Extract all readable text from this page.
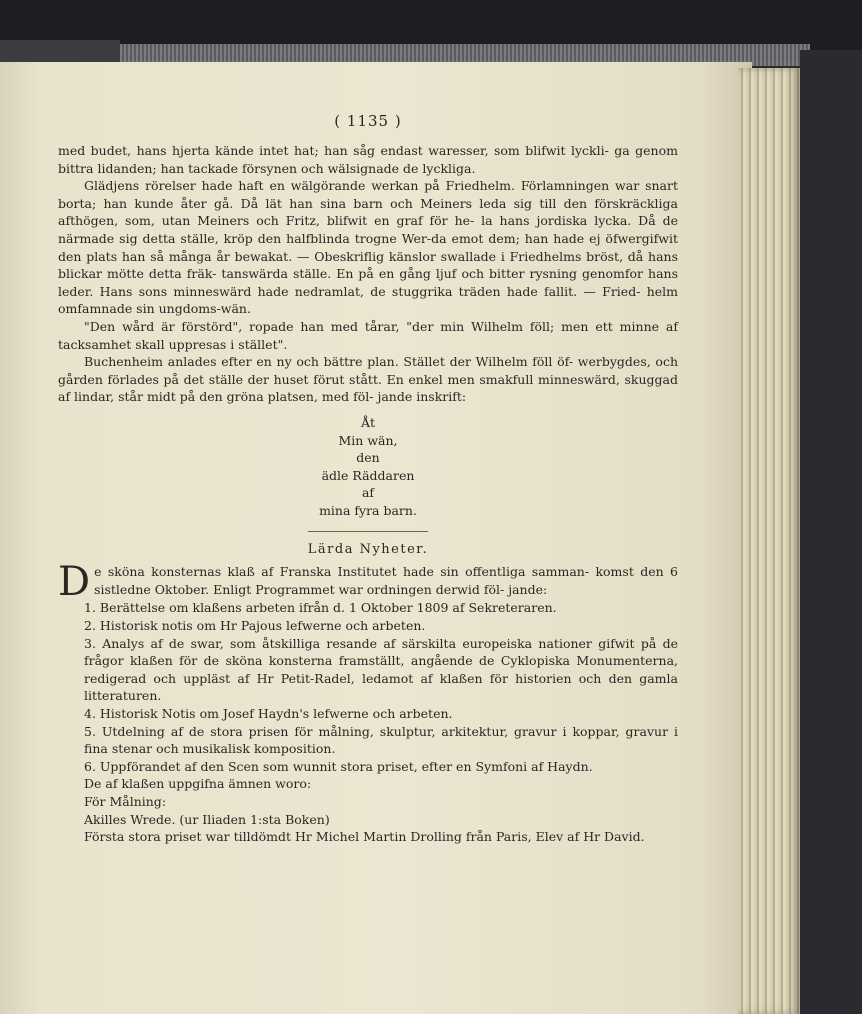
( 1135 )

med budet, hans hjerta kände intet hat; han såg endast waresser, som blifwit lyckli- ga genom bittra lidanden; han tackade försynen och wälsignade de lyckliga.

Glädjens rörelser hade haft en wälgörande werkan på Friedhelm. Förlamningen war snart borta; han kunde åter gå. Då lät han sina barn och Meiners leda sig till den förskräckliga afthögen, som, utan Meiners och Fritz, blifwit en graf för he- la hans jordiska lycka. Då de närmade sig detta ställe, kröp den halfblinda trogne Wer-da emot dem; han hade ej öfwergifwit den plats han så många år bewakat. — Obeskriflig känslor swallade i Friedhelms bröst, då hans blickar mötte detta fräk- tanswärda ställe. En på en gång ljuf och bitter rysning genomfor hans leder. Hans sons minneswärd hade nedramlat, de stuggrika träden hade fallit. — Fried- helm omfamnade sin ungdoms-wän.

"Den wård är förstörd", ropade han med tårar, "der min Wilhelm föll; men ett minne af tacksamhet skall uppresas i stället".

Buchenheim anlades efter en ny och bättre plan. Stället der Wilhelm föll öf- werbygdes, och gården förlades på det ställe der huset förut stått. En enkel men smakfull minneswärd, skuggad af lindar, står midt på den gröna platsen, med föl- jande inskrift:

Åt

Min wän,

den

ädle Räddaren

af

mina fyra barn.

Lärda Nyheter.

D e sköna konsternas klaß af Franska Institutet hade sin offentliga samman- komst den 6 sistledne Oktober. Enligt Programmet war ordningen derwid föl- jande:

1. Berättelse om klaßens arbeten ifrån d. 1 Oktober 1809 af Sekreteraren.

2. Historisk notis om Hr Pajous lefwerne och arbeten.

3. Analys af de swar, som åtskilliga resande af särskilta europeiska nationer gifwit på de frågor klaßen för de sköna konsterna framställt, angående de Cyklopiska Monumenterna, redigerad och uppläst af Hr Petit-Radel, ledamot af klaßen för historien och den gamla litteraturen.

4. Historisk Notis om Josef Haydn's lefwerne och arbeten.

5. Utdelning af de stora prisen för målning, skulptur, arkitektur, gravur i koppar, gravur i fina stenar och musikalisk komposition.

6. Uppförandet af den Scen som wunnit stora priset, efter en Symfoni af Haydn.

De af klaßen uppgifna ämnen woro:

För Målning:

Akilles Wrede. (ur Iliaden 1:sta Boken)

Första stora priset war tilldömdt Hr Michel Martin Drolling från Paris, Elev af Hr David.
